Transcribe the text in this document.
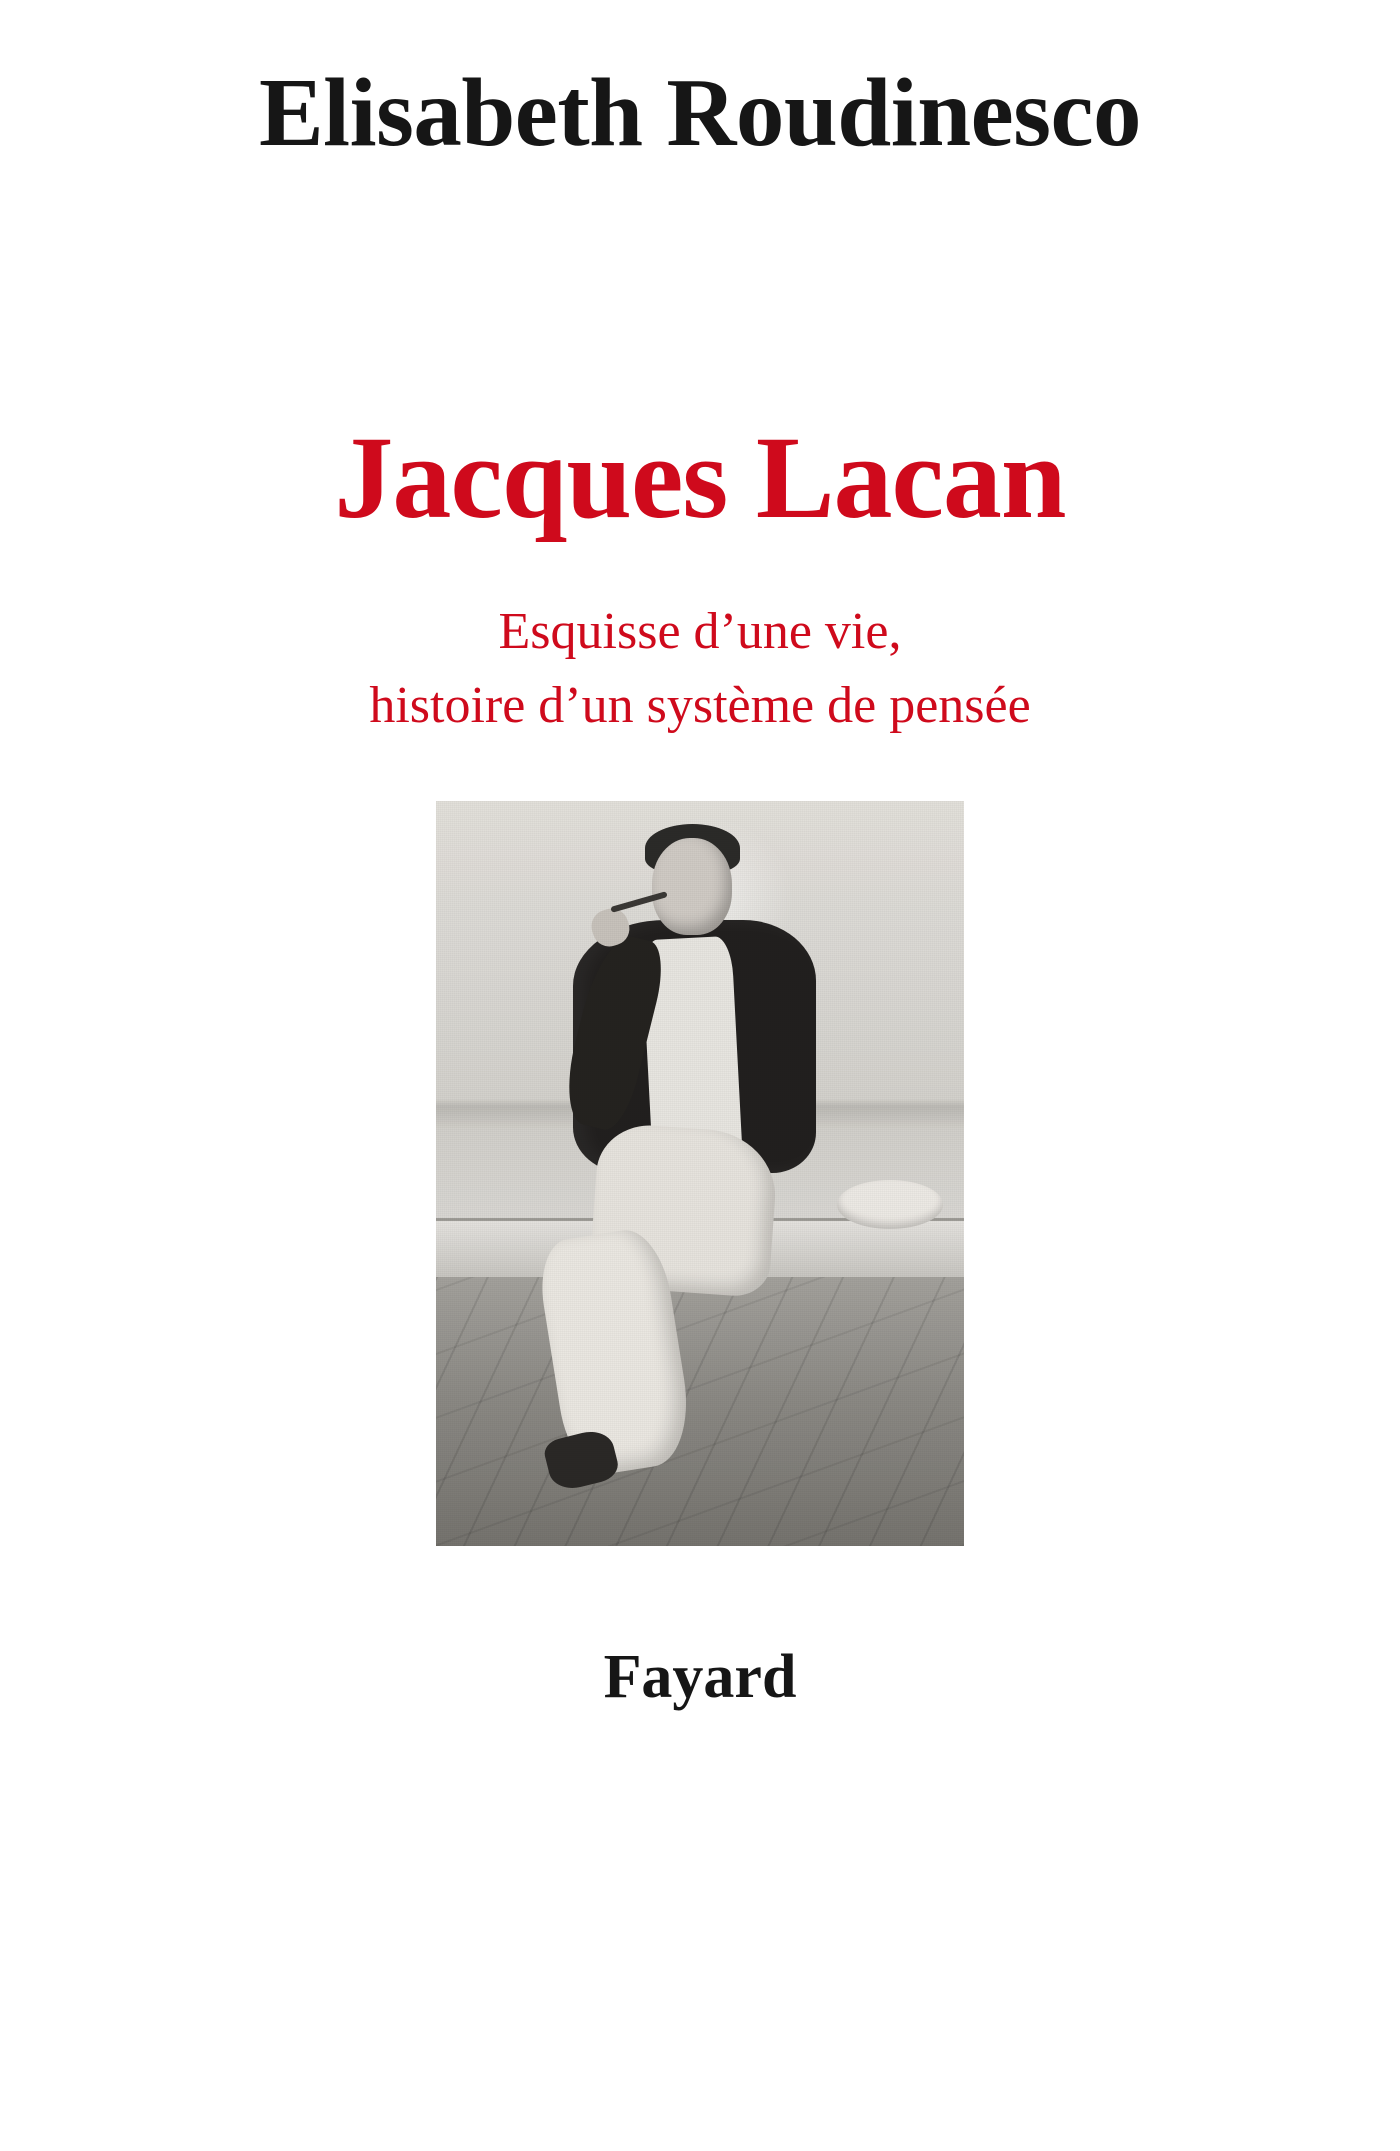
Elisabeth Roudinesco
Jacques Lacan
Esquisse d’une vie,
histoire d’un système de pensée
Fayard
